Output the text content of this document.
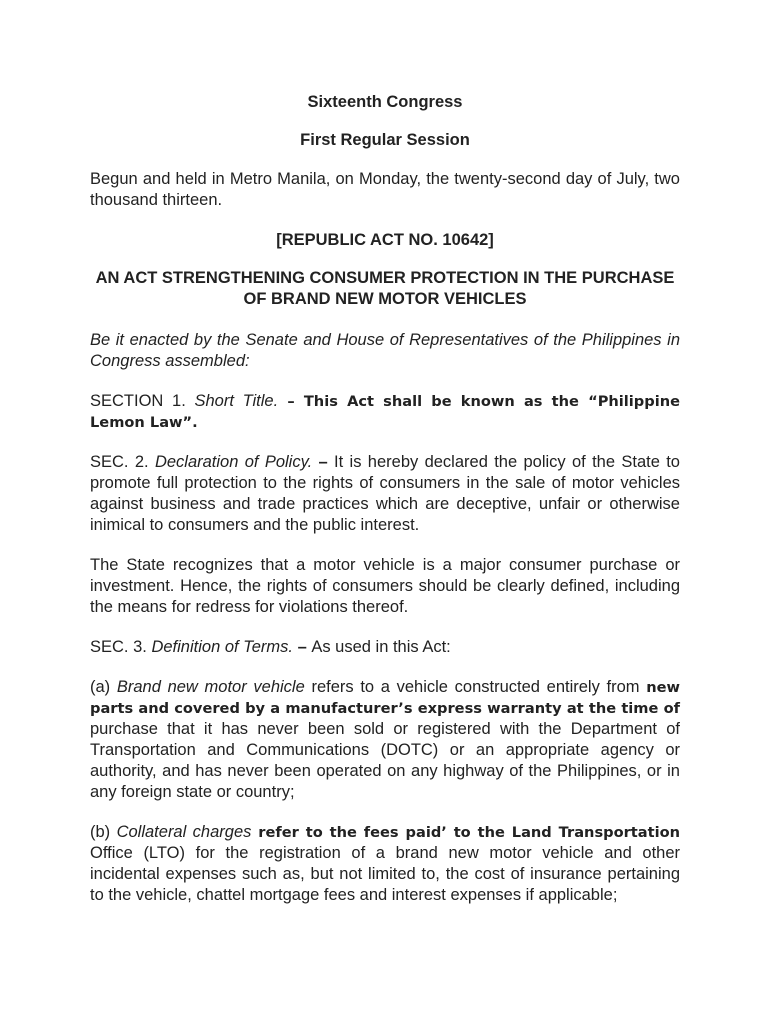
Sixteenth Congress

First Regular Session

Begun and held in Metro Manila, on Monday, the twenty-second day of July, two thousand thirteen.

[REPUBLIC ACT NO. 10642]

AN ACT STRENGTHENING CONSUMER PROTECTION IN THE PURCHASE OF BRAND NEW MOTOR VEHICLES

Be it enacted by the Senate and House of Representatives of the Philippines in Congress assembled:

SECTION 1. Short Title. – This Act shall be known as the “Philippine Lemon Law”.

SEC. 2. Declaration of Policy. – It is hereby declared the policy of the State to promote full protection to the rights of consumers in the sale of motor vehicles against business and trade practices which are deceptive, unfair or otherwise inimical to consumers and the public interest.

The State recognizes that a motor vehicle is a major consumer purchase or investment. Hence, the rights of consumers should be clearly defined, including the means for redress for violations thereof.

SEC. 3. Definition of Terms. – As used in this Act:

(a) Brand new motor vehicle refers to a vehicle constructed entirely from new parts and covered by a manufacturer’s express warranty at the time of purchase that it has never been sold or registered with the Department of Transportation and Communications (DOTC) or an appropriate agency or authority, and has never been operated on any highway of the Philippines, or in any foreign state or country;

(b) Collateral charges refer to the fees paid’ to the Land Transportation Office (LTO) for the registration of a brand new motor vehicle and other incidental expenses such as, but not limited to, the cost of insurance pertaining to the vehicle, chattel mortgage fees and interest expenses if applicable;
